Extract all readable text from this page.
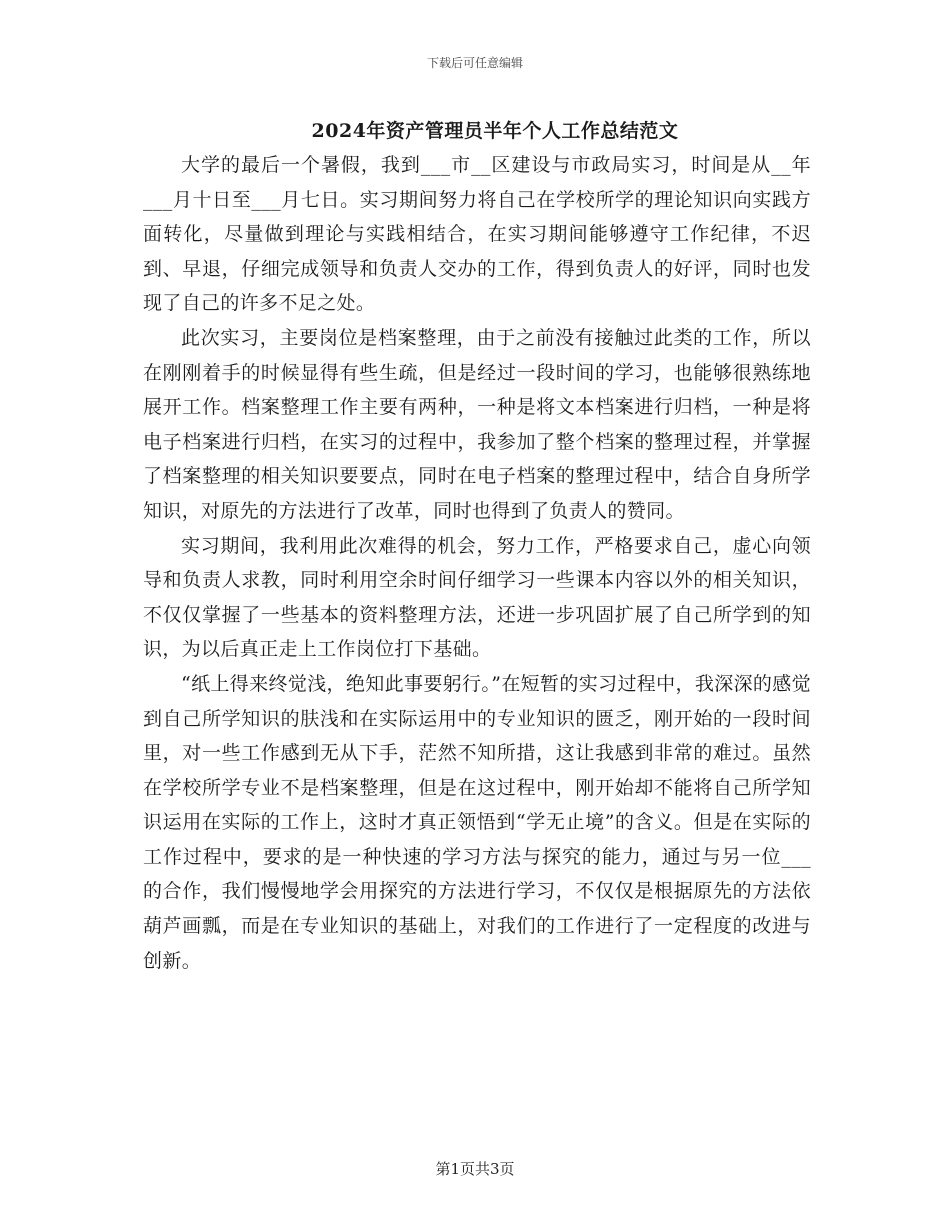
下载后可任意编辑
2024年资产管理员半年个人工作总结范文

大学的最后一个暑假，我到___市__区建设与市政局实习，时间是从__年___月十日至___月七日。实习期间努力将自己在学校所学的理论知识向实践方面转化，尽量做到理论与实践相结合，在实习期间能够遵守工作纪律，不迟到、早退，仔细完成领导和负责人交办的工作，得到负责人的好评，同时也发现了自己的许多不足之处。

此次实习，主要岗位是档案整理，由于之前没有接触过此类的工作，所以在刚刚着手的时候显得有些生疏，但是经过一段时间的学习，也能够很熟练地展开工作。档案整理工作主要有两种，一种是将文本档案进行归档，一种是将电子档案进行归档，在实习的过程中，我参加了整个档案的整理过程，并掌握了档案整理的相关知识要要点，同时在电子档案的整理过程中，结合自身所学知识，对原先的方法进行了改革，同时也得到了负责人的赞同。

实习期间，我利用此次难得的机会，努力工作，严格要求自己，虚心向领导和负责人求教，同时利用空余时间仔细学习一些课本内容以外的相关知识，不仅仅掌握了一些基本的资料整理方法，还进一步巩固扩展了自己所学到的知识，为以后真正走上工作岗位打下基础。

“纸上得来终觉浅，绝知此事要躬行。”在短暂的实习过程中，我深深的感觉到自己所学知识的肤浅和在实际运用中的专业知识的匮乏，刚开始的一段时间里，对一些工作感到无从下手，茫然不知所措，这让我感到非常的难过。虽然在学校所学专业不是档案整理，但是在这过程中，刚开始却不能将自己所学知识运用在实际的工作上，这时才真正领悟到“学无止境”的含义。但是在实际的工作过程中，要求的是一种快速的学习方法与探究的能力，通过与另一位___的合作，我们慢慢地学会用探究的方法进行学习，不仅仅是根据原先的方法依葫芦画瓢，而是在专业知识的基础上，对我们的工作进行了一定程度的改进与创新。

第1页共3页
